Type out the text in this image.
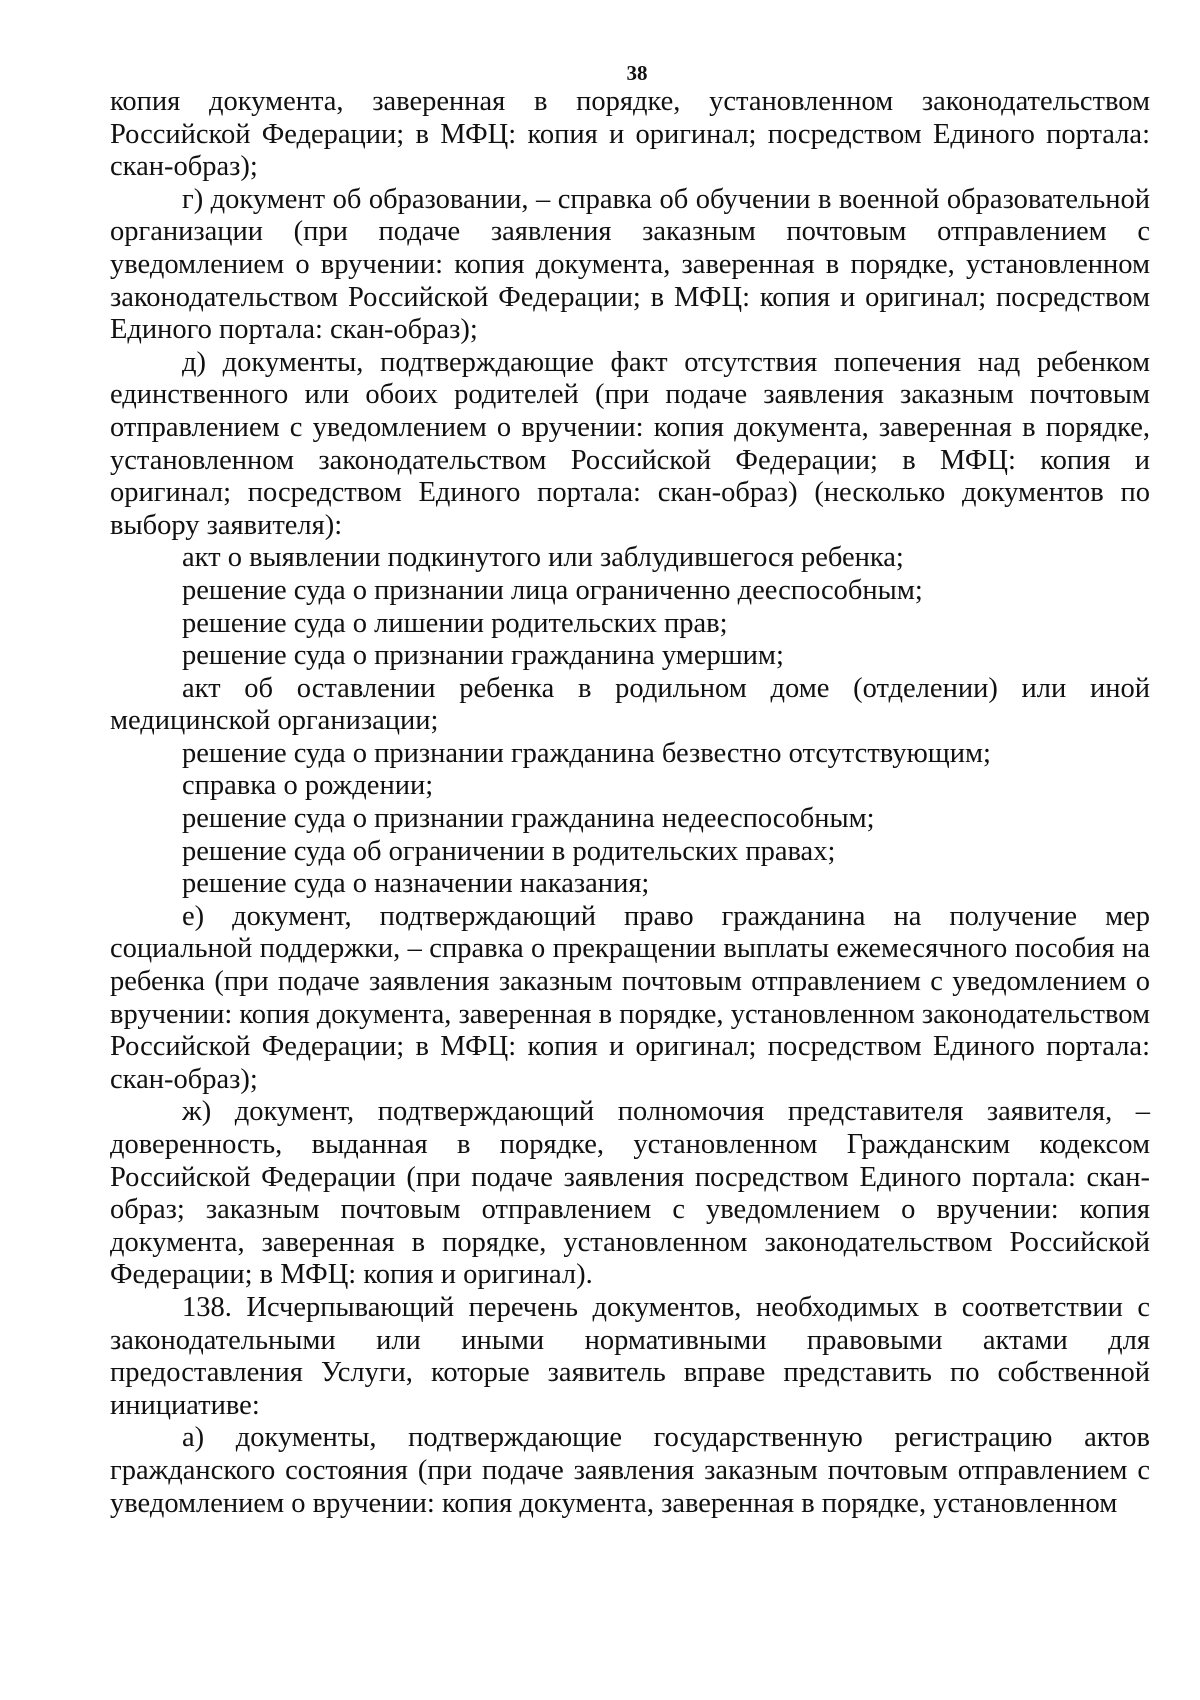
38

копия документа, заверенная в порядке, установленном законодательством Российской Федерации; в МФЦ: копия и оригинал; посредством Единого портала: скан-образ);

г) документ об образовании, – справка об обучении в военной образовательной организации (при подаче заявления заказным почтовым отправлением с уведомлением о вручении: копия документа, заверенная в порядке, установленном законодательством Российской Федерации; в МФЦ: копия и оригинал; посредством Единого портала: скан-образ);

д) документы, подтверждающие факт отсутствия попечения над ребенком единственного или обоих родителей (при подаче заявления заказным почтовым отправлением с уведомлением о вручении: копия документа, заверенная в порядке, установленном законодательством Российской Федерации; в МФЦ: копия и оригинал; посредством Единого портала: скан-образ) (несколько документов по выбору заявителя):

акт о выявлении подкинутого или заблудившегося ребенка;

решение суда о признании лица ограниченно дееспособным;

решение суда о лишении родительских прав;

решение суда о признании гражданина умершим;

акт об оставлении ребенка в родильном доме (отделении) или иной медицинской организации;

решение суда о признании гражданина безвестно отсутствующим;

справка о рождении;

решение суда о признании гражданина недееспособным;

решение суда об ограничении в родительских правах;

решение суда о назначении наказания;

е) документ, подтверждающий право гражданина на получение мер социальной поддержки, – справка о прекращении выплаты ежемесячного пособия на ребенка (при подаче заявления заказным почтовым отправлением с уведомлением о вручении: копия документа, заверенная в порядке, установленном законодательством Российской Федерации; в МФЦ: копия и оригинал; посредством Единого портала: скан-образ);

ж) документ, подтверждающий полномочия представителя заявителя, – доверенность, выданная в порядке, установленном Гражданским кодексом Российской Федерации (при подаче заявления посредством Единого портала: скан-образ; заказным почтовым отправлением с уведомлением о вручении: копия документа, заверенная в порядке, установленном законодательством Российской Федерации; в МФЦ: копия и оригинал).

138. Исчерпывающий перечень документов, необходимых в соответствии с законодательными или иными нормативными правовыми актами для предоставления Услуги, которые заявитель вправе представить по собственной инициативе:

а) документы, подтверждающие государственную регистрацию актов гражданского состояния (при подаче заявления заказным почтовым отправлением с уведомлением о вручении: копия документа, заверенная в порядке, установленном
